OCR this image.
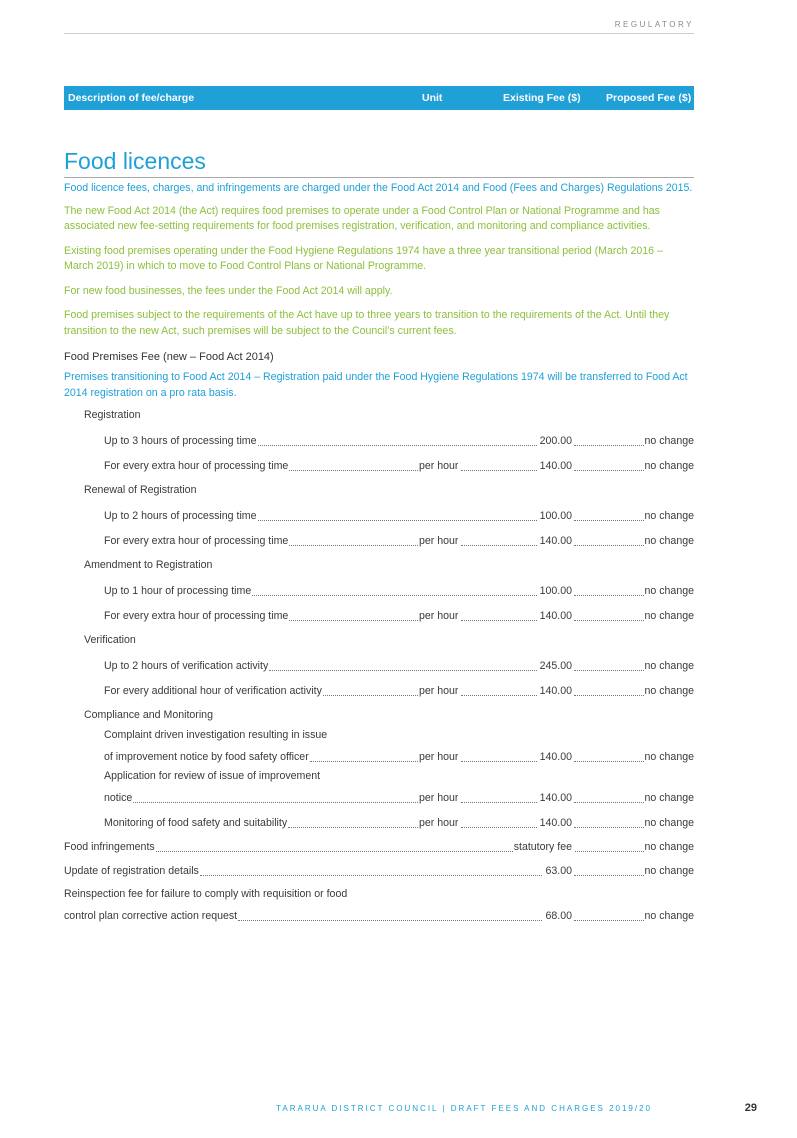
REGULATORY
Description of fee/charge	Unit	Existing Fee ($) Proposed Fee ($)
Food licences

Food licence fees, charges, and infringements are charged under the Food Act 2014 and Food (Fees and Charges) Regulations 2015.

The new Food Act 2014 (the Act) requires food premises to operate under a Food Control Plan or National Programme and has associated new fee-setting requirements for food premises registration, verification, and monitoring and compliance activities.

Existing food premises operating under the Food Hygiene Regulations 1974 have a three year transitional period (March 2016 – March 2019) in which to move to Food Control Plans or National Programme.

For new food businesses, the fees under the Food Act 2014 will apply.

Food premises subject to the requirements of the Act have up to three years to transition to the requirements of the Act. Until they transition to the new Act, such premises will be subject to the Council’s current fees.

Food Premises Fee (new – Food Act 2014)
Premises transitioning to Food Act 2014 – Registration paid under the Food Hygiene Regulations 1974 will be transferred to Food Act 2014 registration on a pro rata basis.
Registration
Up to 3 hours of processing time	200.00	no change
For every extra hour of processing time	per hour	140.00	no change
Renewal of Registration
Up to 2 hours of processing time	100.00	no change
For every extra hour of processing time	per hour	140.00	no change
Amendment to Registration
Up to 1 hour of processing time	100.00	no change
For every extra hour of processing time	per hour	140.00	no change
Verification
Up to 2 hours of verification activity	245.00	no change
For every additional hour of verification activity	per hour	140.00	no change
Compliance and Monitoring
Complaint driven investigation resulting in issue
of improvement notice by food safety officer	per hour	140.00	no change
Application for review of issue of improvement
notice	per hour	140.00	no change
Monitoring of food safety and suitability	per hour	140.00	no change
Food infringements	statutory fee	no change
Update of registration details	63.00	no change
Reinspection fee for failure to comply with requisition or food
control plan corrective action request	68.00	no change
TARARUA DISTRICT COUNCIL | DRAFT FEES AND CHARGES 2019/20	29
